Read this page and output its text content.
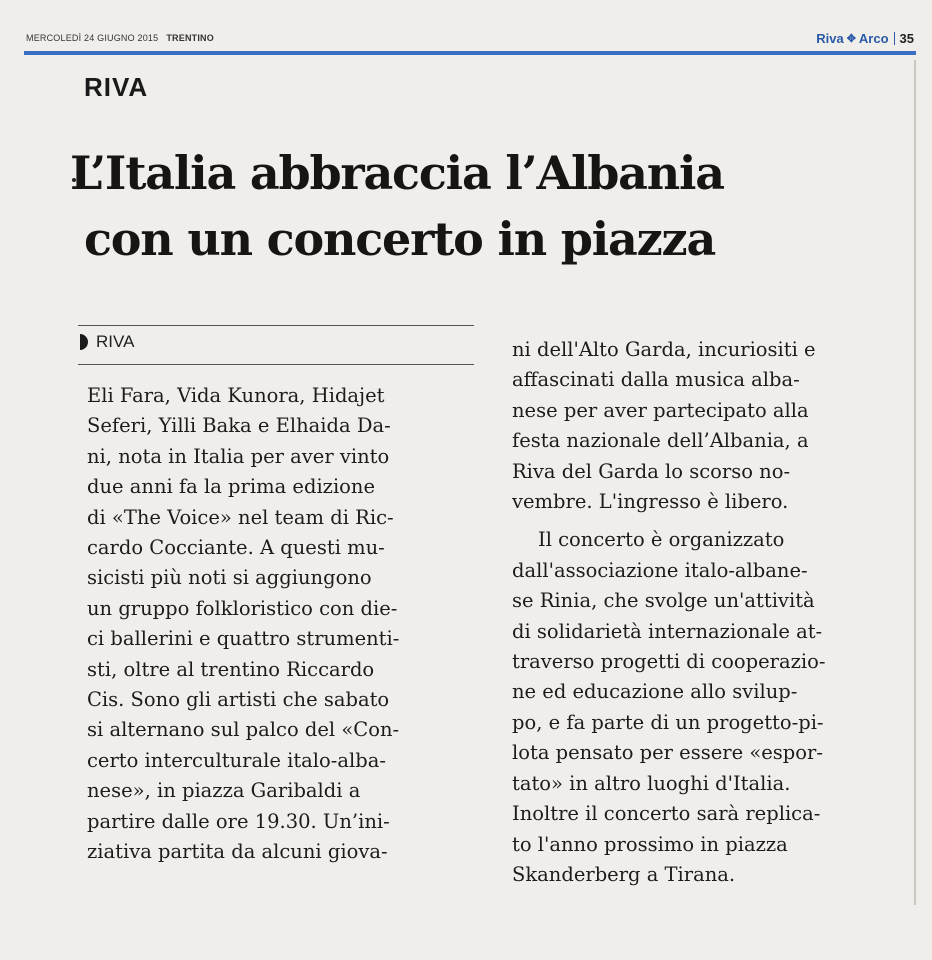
MERCOLEDÌ 24 GIUGNO 2015 TRENTINO	Riva ✥ Arco 35
RIVA
L’Italia abbraccia l’Albania
con un concerto in piazza
RIVA
Eli Fara, Vida Kunora, Hidajet
Seferi, Yilli Baka e Elhaida Da-
ni, nota in Italia per aver vinto
due anni fa la prima edizione
di «The Voice» nel team di Ric-
cardo Cocciante. A questi mu-
sicisti più noti si aggiungono
un gruppo folkloristico con die-
ci ballerini e quattro strumenti-
sti, oltre al trentino Riccardo
Cis. Sono gli artisti che sabato
si alternano sul palco del «Con-
certo interculturale italo-alba-
nese», in piazza Garibaldi a
partire dalle ore 19.30. Un’ini-
ziativa partita da alcuni giova-
ni dell'Alto Garda, incuriositi e
affascinati dalla musica alba-
nese per aver partecipato alla
festa nazionale dell’Albania, a
Riva del Garda lo scorso no-
vembre. L'ingresso è libero.
Il concerto è organizzato
dall'associazione italo-albane-
se Rinia, che svolge un'attività
di solidarietà internazionale at-
traverso progetti di cooperazio-
ne ed educazione allo svilup-
po, e fa parte di un progetto-pi-
lota pensato per essere «espor-
tato» in altro luoghi d'Italia.
Inoltre il concerto sarà replica-
to l'anno prossimo in piazza
Skanderberg a Tirana.
